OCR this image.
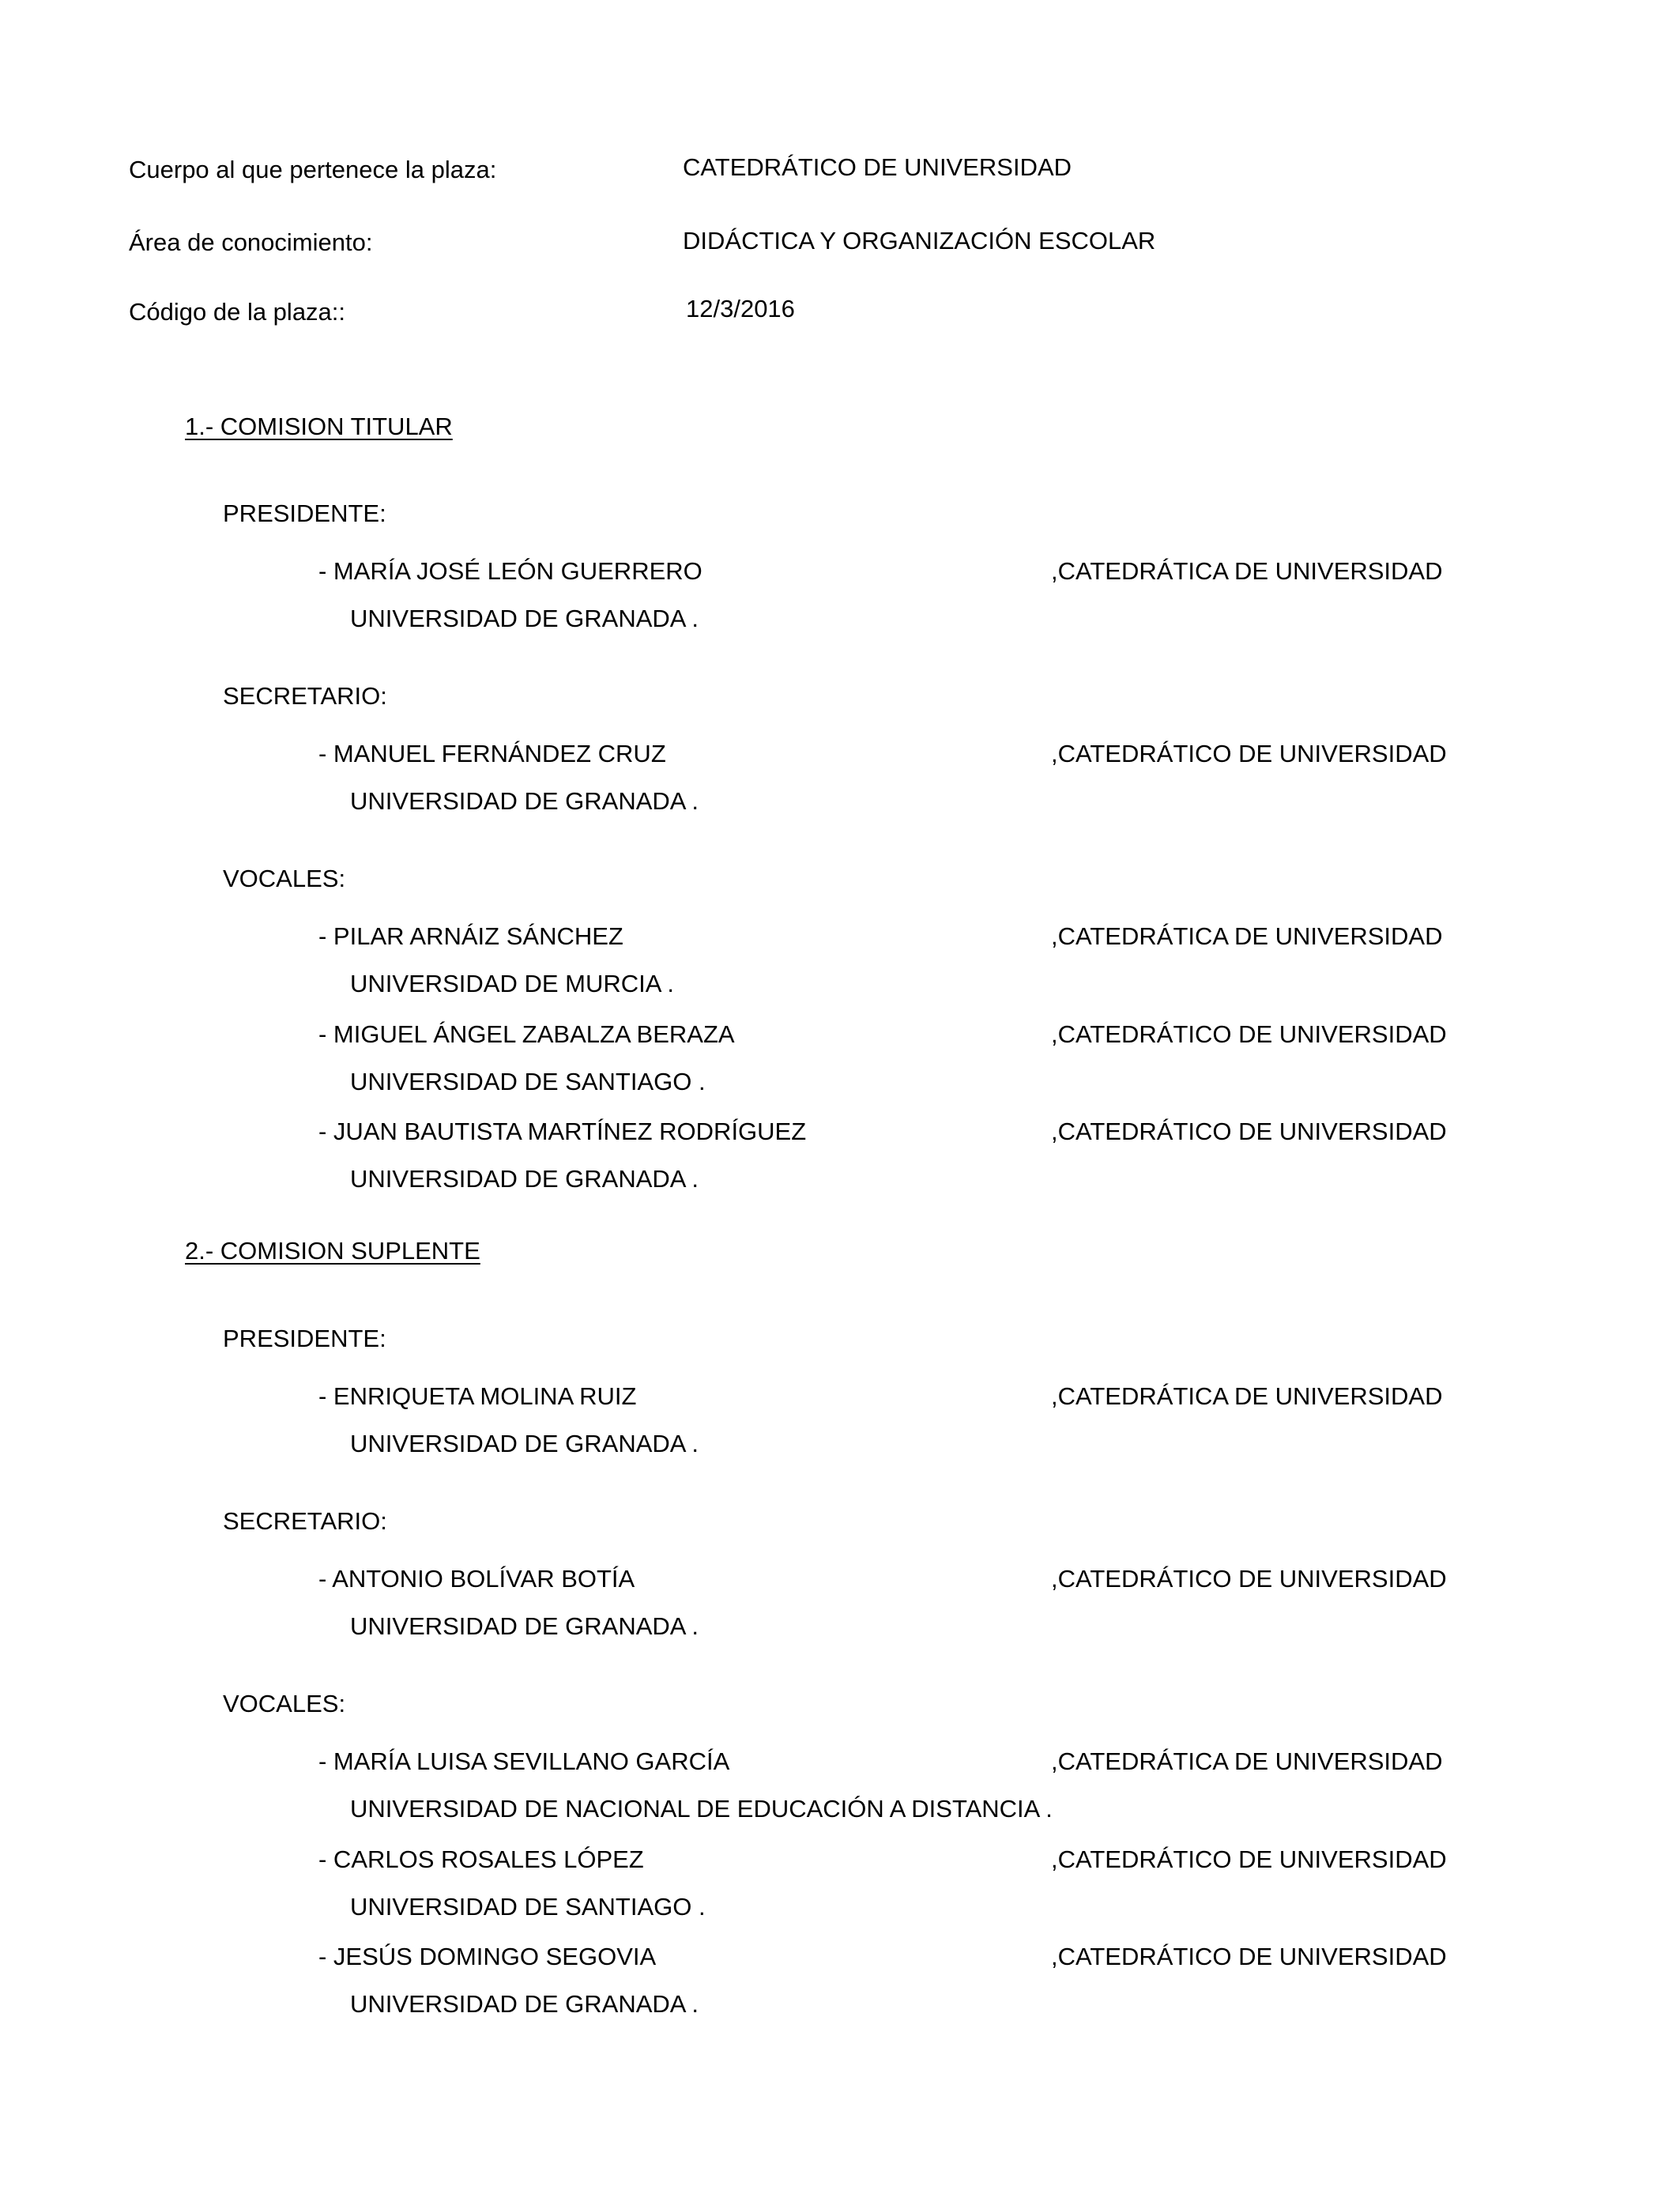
Cuerpo al que pertenece la plaza:	CATEDRÁTICO DE UNIVERSIDAD
Área de conocimiento:	DIDÁCTICA Y ORGANIZACIÓN ESCOLAR
Código de la plaza::	12/3/2016
1.- COMISION TITULAR
PRESIDENTE:
- MARÍA JOSÉ LEÓN GUERRERO	,CATEDRÁTICA DE UNIVERSIDAD
UNIVERSIDAD DE GRANADA .
SECRETARIO:
- MANUEL FERNÁNDEZ CRUZ	,CATEDRÁTICO DE UNIVERSIDAD
UNIVERSIDAD DE GRANADA .
VOCALES:
- PILAR ARNÁIZ SÁNCHEZ	,CATEDRÁTICA DE UNIVERSIDAD
UNIVERSIDAD DE MURCIA .
- MIGUEL ÁNGEL ZABALZA BERAZA	,CATEDRÁTICO DE UNIVERSIDAD
UNIVERSIDAD DE SANTIAGO .
- JUAN BAUTISTA MARTÍNEZ RODRÍGUEZ	,CATEDRÁTICO DE UNIVERSIDAD
UNIVERSIDAD DE GRANADA .
2.- COMISION SUPLENTE
PRESIDENTE:
- ENRIQUETA MOLINA RUIZ	,CATEDRÁTICA DE UNIVERSIDAD
UNIVERSIDAD DE GRANADA .
SECRETARIO:
- ANTONIO BOLÍVAR BOTÍA	,CATEDRÁTICO DE UNIVERSIDAD
UNIVERSIDAD DE GRANADA .
VOCALES:
- MARÍA LUISA SEVILLANO GARCÍA	,CATEDRÁTICA DE UNIVERSIDAD
UNIVERSIDAD DE NACIONAL DE EDUCACIÓN A DISTANCIA .
- CARLOS ROSALES LÓPEZ	,CATEDRÁTICO DE UNIVERSIDAD
UNIVERSIDAD DE SANTIAGO .
- JESÚS DOMINGO SEGOVIA	,CATEDRÁTICO DE UNIVERSIDAD
UNIVERSIDAD DE GRANADA .
